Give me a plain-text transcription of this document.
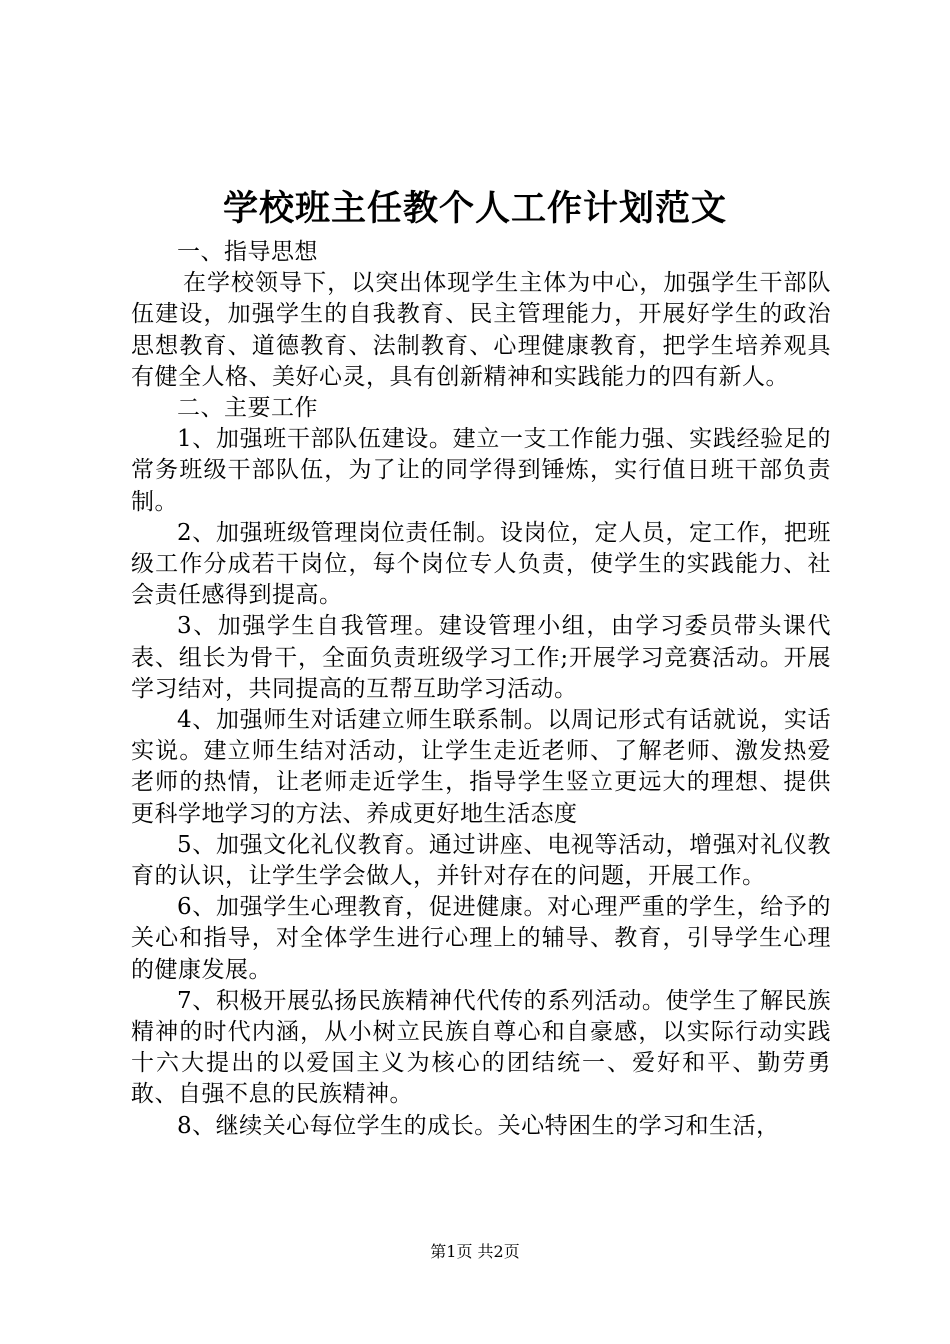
学校班主任教个人工作计划范文

一、指导思想

在学校领导下，以突出体现学生主体为中心，加强学生干部队伍建设，加强学生的自我教育、民主管理能力，开展好学生的政治思想教育、道德教育、法制教育、心理健康教育，把学生培养观具有健全人格、美好心灵，具有创新精神和实践能力的四有新人。

二、主要工作

1、加强班干部队伍建设。建立一支工作能力强、实践经验足的常务班级干部队伍，为了让的同学得到锤炼，实行值日班干部负责制。

2、加强班级管理岗位责任制。设岗位，定人员，定工作，把班级工作分成若干岗位，每个岗位专人负责，使学生的实践能力、社会责任感得到提高。

3、加强学生自我管理。建设管理小组，由学习委员带头课代表、组长为骨干，全面负责班级学习工作;开展学习竞赛活动。开展学习结对，共同提高的互帮互助学习活动。

4、加强师生对话建立师生联系制。以周记形式有话就说，实话实说。建立师生结对活动，让学生走近老师、了解老师、激发热爱老师的热情，让老师走近学生，指导学生竖立更远大的理想、提供更科学地学习的方法、养成更好地生活态度

5、加强文化礼仪教育。通过讲座、电视等活动，增强对礼仪教育的认识，让学生学会做人，并针对存在的问题，开展工作。

6、加强学生心理教育，促进健康。对心理严重的学生，给予的关心和指导，对全体学生进行心理上的辅导、教育，引导学生心理的健康发展。

7、积极开展弘扬民族精神代代传的系列活动。使学生了解民族精神的时代内涵，从小树立民族自尊心和自豪感，以实际行动实践十六大提出的以爱国主义为核心的团结统一、爱好和平、勤劳勇敢、自强不息的民族精神。

8、继续关心每位学生的成长。关心特困生的学习和生活，

第1页 共2页
